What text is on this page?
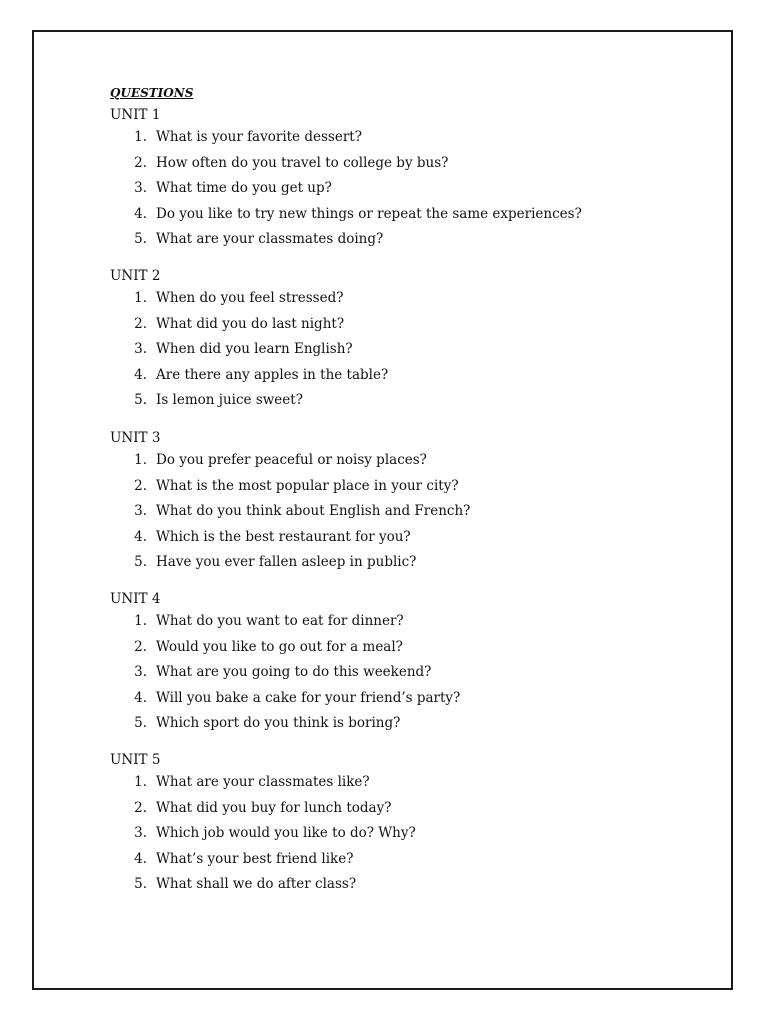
QUESTIONS
UNIT 1
1. What is your favorite dessert?
2. How often do you travel to college by bus?
3. What time do you get up?
4. Do you like to try new things or repeat the same experiences?
5. What are your classmates doing?
UNIT 2
1. When do you feel stressed?
2. What did you do last night?
3. When did you learn English?
4. Are there any apples in the table?
5. Is lemon juice sweet?
UNIT 3
1. Do you prefer peaceful or noisy places?
2. What is the most popular place in your city?
3. What do you think about English and French?
4. Which is the best restaurant for you?
5. Have you ever fallen asleep in public?
UNIT 4
1. What do you want to eat for dinner?
2. Would you like to go out for a meal?
3. What are you going to do this weekend?
4. Will you bake a cake for your friend’s party?
5. Which sport do you think is boring?
UNIT 5
1. What are your classmates like?
2. What did you buy for lunch today?
3. Which job would you like to do? Why?
4. What’s your best friend like?
5. What shall we do after class?
